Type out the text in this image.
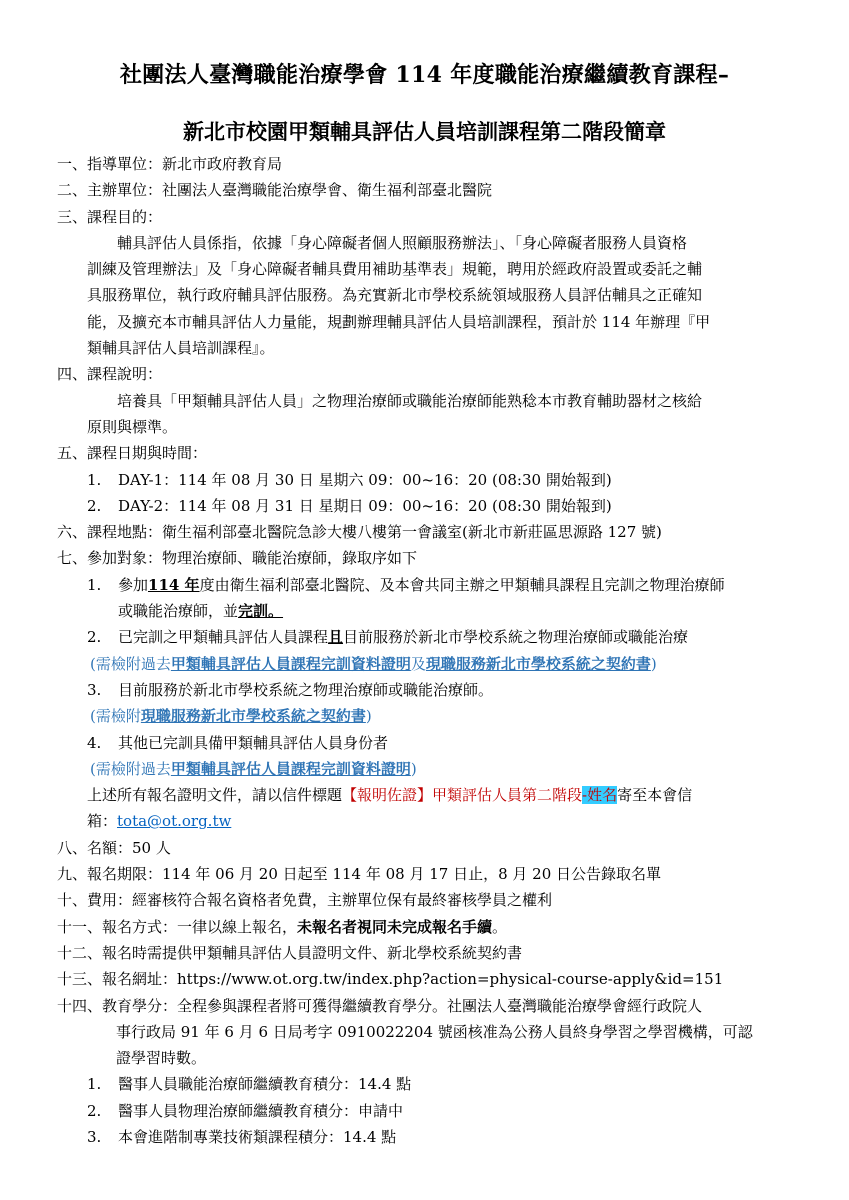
社團法人臺灣職能治療學會 114 年度職能治療繼續教育課程–
新北市校園甲類輔具評估人員培訓課程第二階段簡章
一、指導單位：新北市政府教育局
二、主辦單位：社團法人臺灣職能治療學會、衛生福利部臺北醫院
三、課程目的：
輔具評估人員係指，依據「身心障礙者個人照顧服務辦法」、「身心障礙者服務人員資格
訓練及管理辦法」及「身心障礙者輔具費用補助基準表」規範，聘用於經政府設置或委託之輔
具服務單位，執行政府輔具評估服務。為充實新北市學校系統領域服務人員評估輔具之正確知
能，及擴充本市輔具評估人力量能，規劃辦理輔具評估人員培訓課程，預計於 114 年辦理『甲
類輔具評估人員培訓課程』。
四、課程說明：
培養具「甲類輔具評估人員」之物理治療師或職能治療師能熟稔本市教育輔助器材之核給
原則與標準。
五、課程日期與時間：
1. DAY-1：114 年 08 月 30 日 星期六 09：00~16：20 (08:30 開始報到)
2. DAY-2：114 年 08 月 31 日 星期日 09：00~16：20 (08:30 開始報到)
六、課程地點：衛生福利部臺北醫院急診大樓八樓第一會議室(新北市新莊區思源路 127 號)
七、參加對象：物理治療師、職能治療師，錄取序如下
1. 參加114 年度由衛生福利部臺北醫院、及本會共同主辦之甲類輔具課程且完訓之物理治療師
或職能治療師，並完訓。
2. 已完訓之甲類輔具評估人員課程且目前服務於新北市學校系統之物理治療師或職能治療
(需檢附過去甲類輔具評估人員課程完訓資料證明及現職服務新北市學校系統之契約書)
3. 目前服務於新北市學校系統之物理治療師或職能治療師。
(需檢附現職服務新北市學校系統之契約書)
4. 其他已完訓具備甲類輔具評估人員身份者
(需檢附過去甲類輔具評估人員課程完訓資料證明)
上述所有報名證明文件，請以信件標題【報明佐證】甲類評估人員第二階段-姓名寄至本會信
箱：tota@ot.org.tw
八、名額：50 人
九、報名期限：114 年 06 月 20 日起至 114 年 08 月 17 日止，8 月 20 日公告錄取名單
十、費用：經審核符合報名資格者免費，主辦單位保有最終審核學員之權利
十一、報名方式：一律以線上報名，未報名者視同未完成報名手續。
十二、報名時需提供甲類輔具評估人員證明文件、新北學校系統契約書
十三、報名網址：https://www.ot.org.tw/index.php?action=physical-course-apply&id=151
十四、教育學分：全程參與課程者將可獲得繼續教育學分。社團法人臺灣職能治療學會經行政院人
事行政局 91 年 6 月 6 日局考字 0910022204 號函核准為公務人員終身學習之學習機構，可認
證學習時數。
1. 醫事人員職能治療師繼續教育積分：14.4 點
2. 醫事人員物理治療師繼續教育積分：申請中
3. 本會進階制專業技術類課程積分：14.4 點
